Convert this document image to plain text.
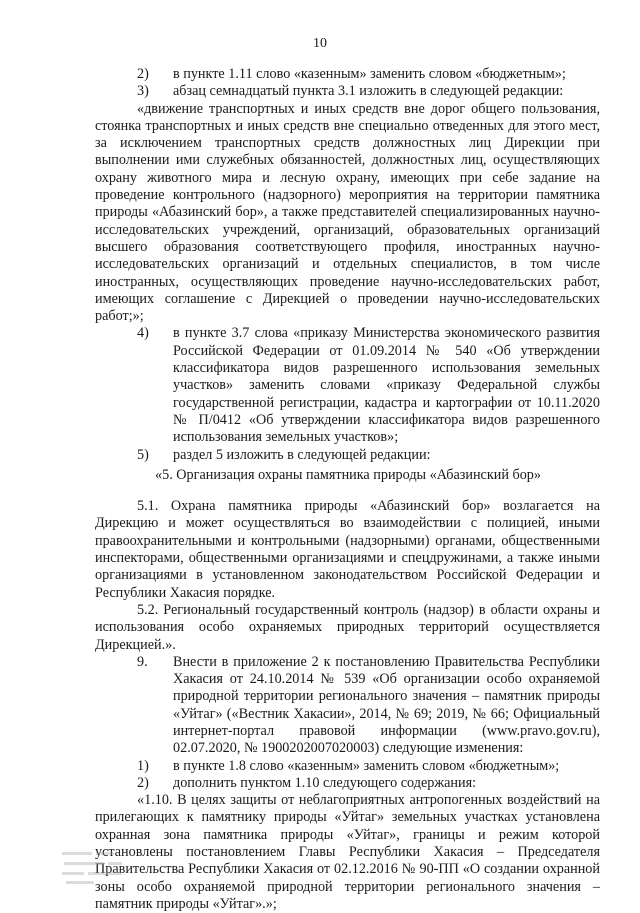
10
2)	в пункте 1.11 слово «казенным» заменить словом «бюджетным»;
3)	абзац семнадцатый пункта 3.1 изложить в следующей редакции:

«движение транспортных и иных средств вне дорог общего пользования, стоянка транспортных и иных средств вне специально отведенных для этого мест, за исключением транспортных средств должностных лиц Дирекции при выполнении ими служебных обязанностей, должностных лиц, осуществляющих охрану животного мира и лесную охрану, имеющих при себе задание на проведение контрольного (надзорного) мероприятия на территории памятника природы «Абазинский бор», а также представителей специализированных научно-исследовательских учреждений, организаций, образовательных организаций высшего образования соответствующего профиля, иностранных научно-исследовательских организаций и отдельных специалистов, в том числе иностранных, осуществляющих проведение научно-исследовательских работ, имеющих соглашение с Дирекцией о проведении научно-исследовательских работ;»;

4)	в пункте 3.7 слова «приказу Министерства экономического развития Российской Федерации от 01.09.2014 № 540 «Об утверждении классификатора видов разрешенного использования земельных участков» заменить словами «приказу Федеральной службы государственной регистрации, кадастра и картографии от 10.11.2020 № П/0412 «Об утверждении классификатора видов разрешенного использования земельных участков»;
5)	раздел 5 изложить в следующей редакции:

«5. Организация охраны памятника природы «Абазинский бор»

5.1. Охрана памятника природы «Абазинский бор» возлагается на Дирекцию и может осуществляться во взаимодействии с полицией, иными правоохранительными и контрольными (надзорными) органами, общественными инспекторами, общественными организациями и спецдружинами, а также иными организациями в установленном законодательством Российской Федерации и Республики Хакасия порядке.

5.2. Региональный государственный контроль (надзор) в области охраны и использования особо охраняемых природных территорий осуществляется Дирекцией.».

9.	Внести в приложение 2 к постановлению Правительства Республики Хакасия от 24.10.2014 № 539 «Об организации особо охраняемой природной территории регионального значения – памятник природы «Уйтаг» («Вестник Хакасии», 2014, № 69; 2019, № 66; Официальный интернет-портал правовой информации (www.pravo.gov.ru), 02.07.2020, № 1900202007020003) следующие изменения:
1)	в пункте 1.8 слово «казенным» заменить словом «бюджетным»;
2)	дополнить пунктом 1.10 следующего содержания:

«1.10. В целях защиты от неблагоприятных антропогенных воздействий на прилегающих к памятнику природы «Уйтаг» земельных участках установлена охранная зона памятника природы «Уйтаг», границы и режим которой установлены постановлением Главы Республики Хакасия – Председателя Правительства Республики Хакасия от 02.12.2016 № 90-ПП «О создании охранной зоны особо охраняемой природной территории регионального значения – памятник природы «Уйтаг».»;
